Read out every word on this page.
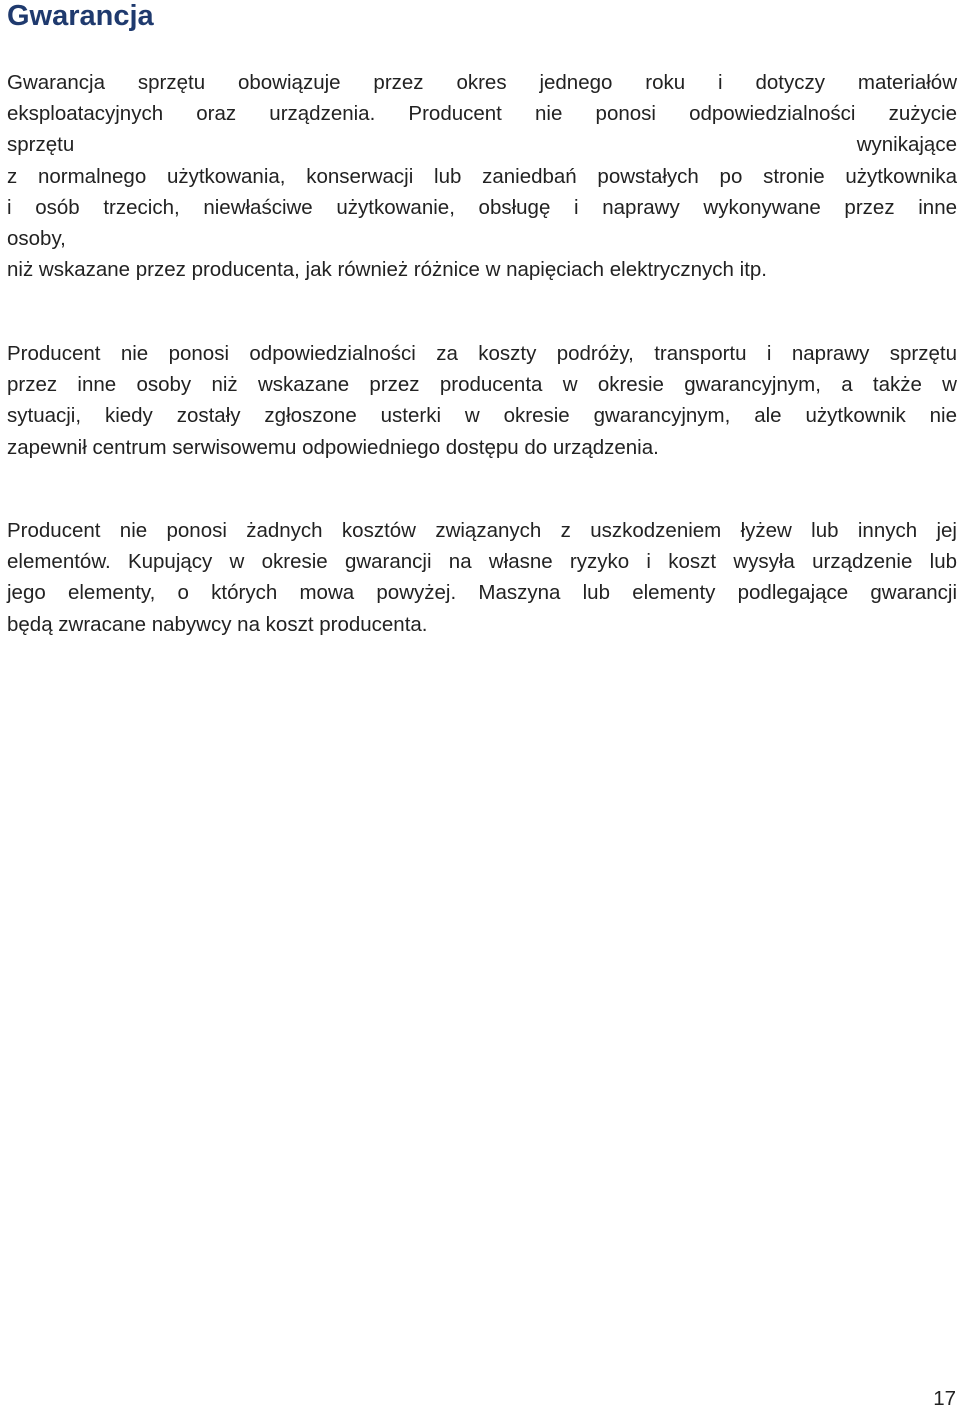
Gwarancja

Gwarancja sprzętu obowiązuje przez okres jednego roku i dotyczy materiałów
eksploatacyjnych oraz urządzenia. Producent nie ponosi odpowiedzialności zużycie
sprzętu wynikające
z normalnego użytkowania, konserwacji lub zaniedbań powstałych po stronie użytkownika
i osób trzecich, niewłaściwe użytkowanie, obsługę i naprawy wykonywane przez inne
osoby,
niż wskazane przez producenta, jak również różnice w napięciach elektrycznych itp.

Producent nie ponosi odpowiedzialności za koszty podróży, transportu i naprawy sprzętu
przez inne osoby niż wskazane przez producenta w okresie gwarancyjnym, a także w
sytuacji, kiedy zostały zgłoszone usterki w okresie gwarancyjnym, ale użytkownik nie
zapewnił centrum serwisowemu odpowiedniego dostępu do urządzenia.

Producent nie ponosi żadnych kosztów związanych z uszkodzeniem łyżew lub innych jej
elementów. Kupujący w okresie gwarancji na własne ryzyko i koszt wysyła urządzenie lub
jego elementy, o których mowa powyżej. Maszyna lub elementy podlegające gwarancji
będą zwracane nabywcy na koszt producenta.

17
